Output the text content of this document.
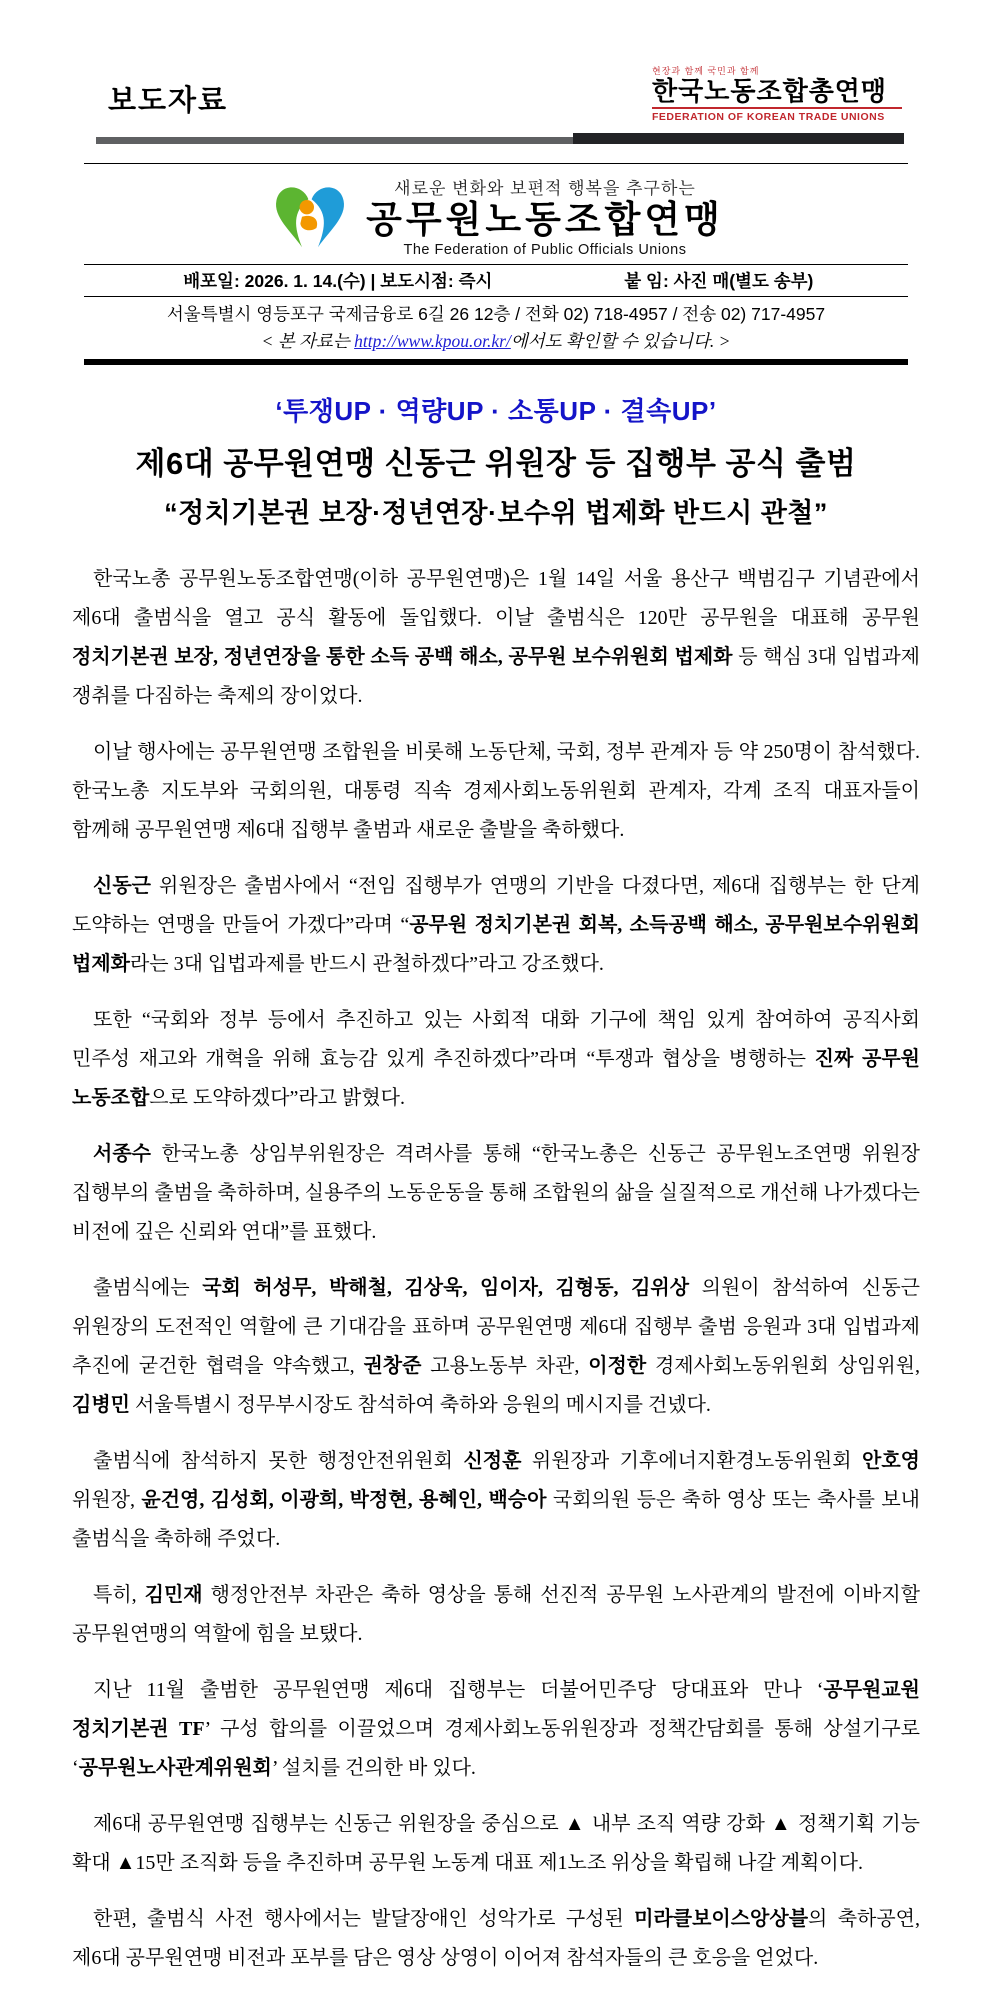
보도자료
현장과 함께 국민과 함께
한국노동조합총연맹
FEDERATION OF KOREAN TRADE UNIONS
새로운 변화와 보편적 행복을 추구하는
공무원노동조합연맹
The Federation of Public Officials Unions
배포일: 2026. 1. 14.(수) | 보도시점: 즉시	붙 임: 사진 매(별도 송부)
서울특별시 영등포구 국제금융로 6길 26 12층 / 전화 02) 718-4957 / 전송 02) 717-4957
< 본 자료는 http://www.kpou.or.kr/에서도 확인할 수 있습니다. >
‘투쟁UP · 역량UP · 소통UP · 결속UP’
제6대 공무원연맹 신동근 위원장 등 집행부 공식 출범
“정치기본권 보장·정년연장·보수위 법제화 반드시 관철”

한국노총 공무원노동조합연맹(이하 공무원연맹)은 1월 14일 서울 용산구 백범김구 기념관에서 제6대 출범식을 열고 공식 활동에 돌입했다. 이날 출범식은 120만 공무원을 대표해 공무원 정치기본권 보장, 정년연장을 통한 소득 공백 해소, 공무원 보수위원회 법제화 등 핵심 3대 입법과제 쟁취를 다짐하는 축제의 장이었다.

이날 행사에는 공무원연맹 조합원을 비롯해 노동단체, 국회, 정부 관계자 등 약 250명이 참석했다. 한국노총 지도부와 국회의원, 대통령 직속 경제사회노동위원회 관계자, 각계 조직 대표자들이 함께해 공무원연맹 제6대 집행부 출범과 새로운 출발을 축하했다.

신동근 위원장은 출범사에서 “전임 집행부가 연맹의 기반을 다졌다면, 제6대 집행부는 한 단계 도약하는 연맹을 만들어 가겠다”라며 “공무원 정치기본권 회복, 소득공백 해소, 공무원보수위원회 법제화라는 3대 입법과제를 반드시 관철하겠다”라고 강조했다.

또한 “국회와 정부 등에서 추진하고 있는 사회적 대화 기구에 책임 있게 참여하여 공직사회 민주성 재고와 개혁을 위해 효능감 있게 추진하겠다”라며 “투쟁과 협상을 병행하는 진짜 공무원 노동조합으로 도약하겠다”라고 밝혔다.

서종수 한국노총 상임부위원장은 격려사를 통해 “한국노총은 신동근 공무원노조연맹 위원장 집행부의 출범을 축하하며, 실용주의 노동운동을 통해 조합원의 삶을 실질적으로 개선해 나가겠다는 비전에 깊은 신뢰와 연대”를 표했다.

출범식에는 국회 허성무, 박해철, 김상욱, 임이자, 김형동, 김위상 의원이 참석하여 신동근 위원장의 도전적인 역할에 큰 기대감을 표하며 공무원연맹 제6대 집행부 출범 응원과 3대 입법과제 추진에 굳건한 협력을 약속했고, 권창준 고용노동부 차관, 이정한 경제사회노동위원회 상임위원, 김병민 서울특별시 정무부시장도 참석하여 축하와 응원의 메시지를 건넸다.

출범식에 참석하지 못한 행정안전위원회 신정훈 위원장과 기후에너지환경노동위원회 안호영 위원장, 윤건영, 김성회, 이광희, 박정현, 용혜인, 백승아 국회의원 등은 축하 영상 또는 축사를 보내 출범식을 축하해 주었다.

특히, 김민재 행정안전부 차관은 축하 영상을 통해 선진적 공무원 노사관계의 발전에 이바지할 공무원연맹의 역할에 힘을 보탰다.

지난 11월 출범한 공무원연맹 제6대 집행부는 더불어민주당 당대표와 만나 ‘공무원교원 정치기본권 TF’ 구성 합의를 이끌었으며 경제사회노동위원장과 정책간담회를 통해 상설기구로 ‘공무원노사관계위원회’ 설치를 건의한 바 있다.

제6대 공무원연맹 집행부는 신동근 위원장을 중심으로 ▲ 내부 조직 역량 강화 ▲ 정책기획 기능 확대 ▲15만 조직화 등을 추진하며 공무원 노동계 대표 제1노조 위상을 확립해 나갈 계획이다.

한편, 출범식 사전 행사에서는 발달장애인 성악가로 구성된 미라클보이스앙상블의 축하공연, 제6대 공무원연맹 비전과 포부를 담은 영상 상영이 이어져 참석자들의 큰 호응을 얻었다.
